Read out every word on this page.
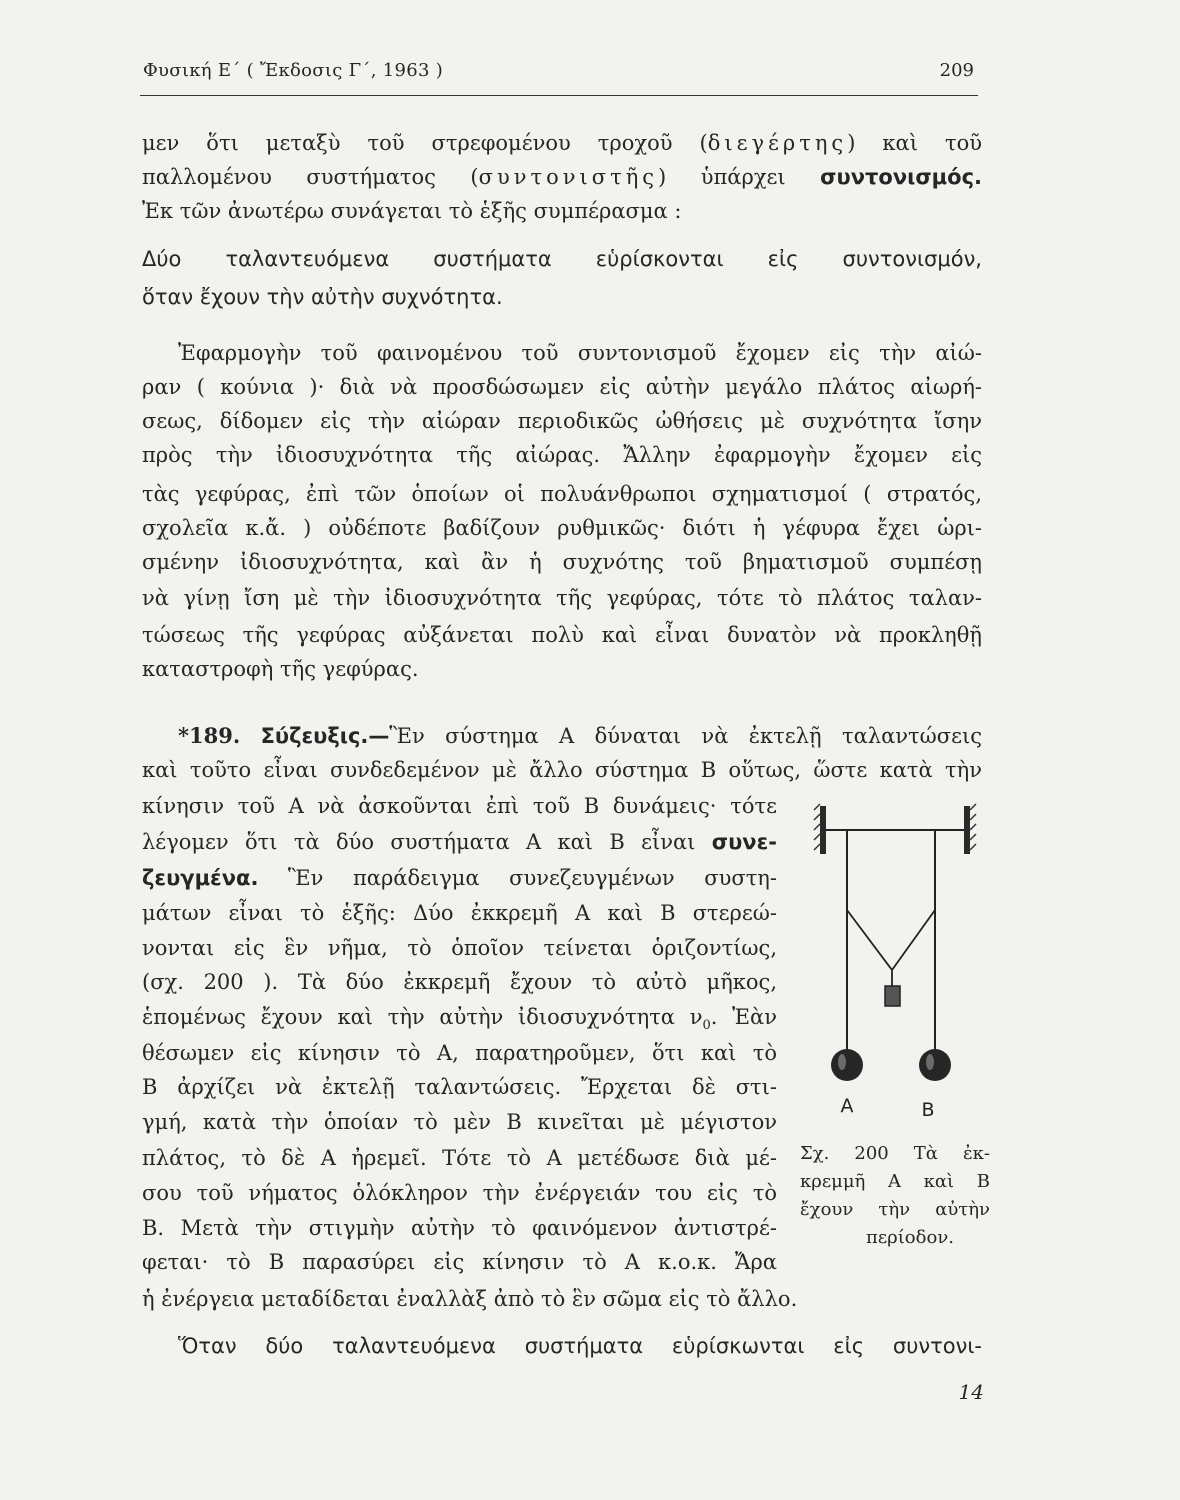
Φυσική Ε΄ ( Ἔκδοσις Γ΄, 1963 )	209
μεν ὅτι μεταξὺ τοῦ στρεφομένου τροχοῦ (διεγέρτης) καὶ τοῦ
παλλομένου συστήματος (συντονιστῆς) ὑπάρχει συντονισμός.
Ἐκ τῶν ἀνωτέρω συνάγεται τὸ ἑξῆς συμπέρασμα :
Δύο ταλαντευόμενα συστήματα εὑρίσκονται εἰς συντονισμόν,
ὅταν ἔχουν τὴν αὐτὴν συχνότητα.
Ἐφαρμογὴν τοῦ φαινομένου τοῦ συντονισμοῦ ἔχομεν εἰς τὴν αἰώ-
ραν ( κούνια )· διὰ νὰ προσδώσωμεν εἰς αὐτὴν μεγάλο πλάτος αἰωρή-
σεως, δίδομεν εἰς τὴν αἰώραν περιοδικῶς ὠθήσεις μὲ συχνότητα ἴσην
πρὸς τὴν ἰδιοσυχνότητα τῆς αἰώρας. Ἄλλην ἐφαρμογὴν ἔχομεν εἰς
τὰς γεφύρας, ἐπὶ τῶν ὁποίων οἱ πολυάνθρωποι σχηματισμοί ( στρατός,
σχολεῖα κ.ἄ. ) οὐδέποτε βαδίζουν ρυθμικῶς· διότι ἡ γέφυρα ἔχει ὡρι-
σμένην ἰδιοσυχνότητα, καὶ ἂν ἡ συχνότης τοῦ βηματισμοῦ συμπέσῃ
νὰ γίνῃ ἴση μὲ τὴν ἰδιοσυχνότητα τῆς γεφύρας, τότε τὸ πλάτος ταλαν-
τώσεως τῆς γεφύρας αὐξάνεται πολὺ καὶ εἶναι δυνατὸν νὰ προκληθῇ
καταστροφὴ τῆς γεφύρας.
*189. Σύζευξις.—Ἓν σύστημα Α δύναται νὰ ἐκτελῇ ταλαντώσεις
καὶ τοῦτο εἶναι συνδεδεμένον μὲ ἄλλο σύστημα Β οὕτως, ὥστε κατὰ τὴν
κίνησιν τοῦ Α νὰ ἀσκοῦνται ἐπὶ τοῦ Β δυνάμεις· τότε
λέγομεν ὅτι τὰ δύο συστήματα Α καὶ Β εἶναι συνε-
ζευγμένα. Ἓν παράδειγμα συνεζευγμένων συστη-
μάτων εἶναι τὸ ἑξῆς: Δύο ἐκκρεμῆ Α καὶ Β στερεώ-
νονται εἰς ἓν νῆμα, τὸ ὁποῖον τείνεται ὁριζοντίως,
(σχ. 200 ). Τὰ δύο ἐκκρεμῆ ἔχουν τὸ αὐτὸ μῆκος,
ἑπομένως ἔχουν καὶ τὴν αὐτὴν ἰδιοσυχνότητα $\nu_0$. Ἐὰν
θέσωμεν εἰς κίνησιν τὸ Α, παρατηροῦμεν, ὅτι καὶ τὸ
Β ἀρχίζει νὰ ἐκτελῇ ταλαντώσεις. Ἔρχεται δὲ στι-
γμή, κατὰ τὴν ὁποίαν τὸ μὲν Β κινεῖται μὲ μέγιστον
πλάτος, τὸ δὲ Α ἠρεμεῖ. Τότε τὸ Α μετέδωσε διὰ μέ-
σου τοῦ νήματος ὁλόκληρον τὴν ἐνέργειάν του εἰς τὸ
Β. Μετὰ τὴν στιγμὴν αὐτὴν τὸ φαινόμενον ἀντιστρέ-
φεται· τὸ Β παρασύρει εἰς κίνησιν τὸ Α κ.ο.κ. Ἄρα
ἡ ἐνέργεια μεταδίδεται ἐναλλὰξ ἀπὸ τὸ ἓν σῶμα εἰς τὸ ἄλλο.
Ὅταν δύο ταλαντευόμενα συστήματα εὑρίσκωνται εἰς συντονι-
Α	Β
Σχ. 200 Τὰ ἐκ-
κρεμμῆ Α καὶ Β
ἔχουν τὴν αὐτὴν
περίοδον.
14
